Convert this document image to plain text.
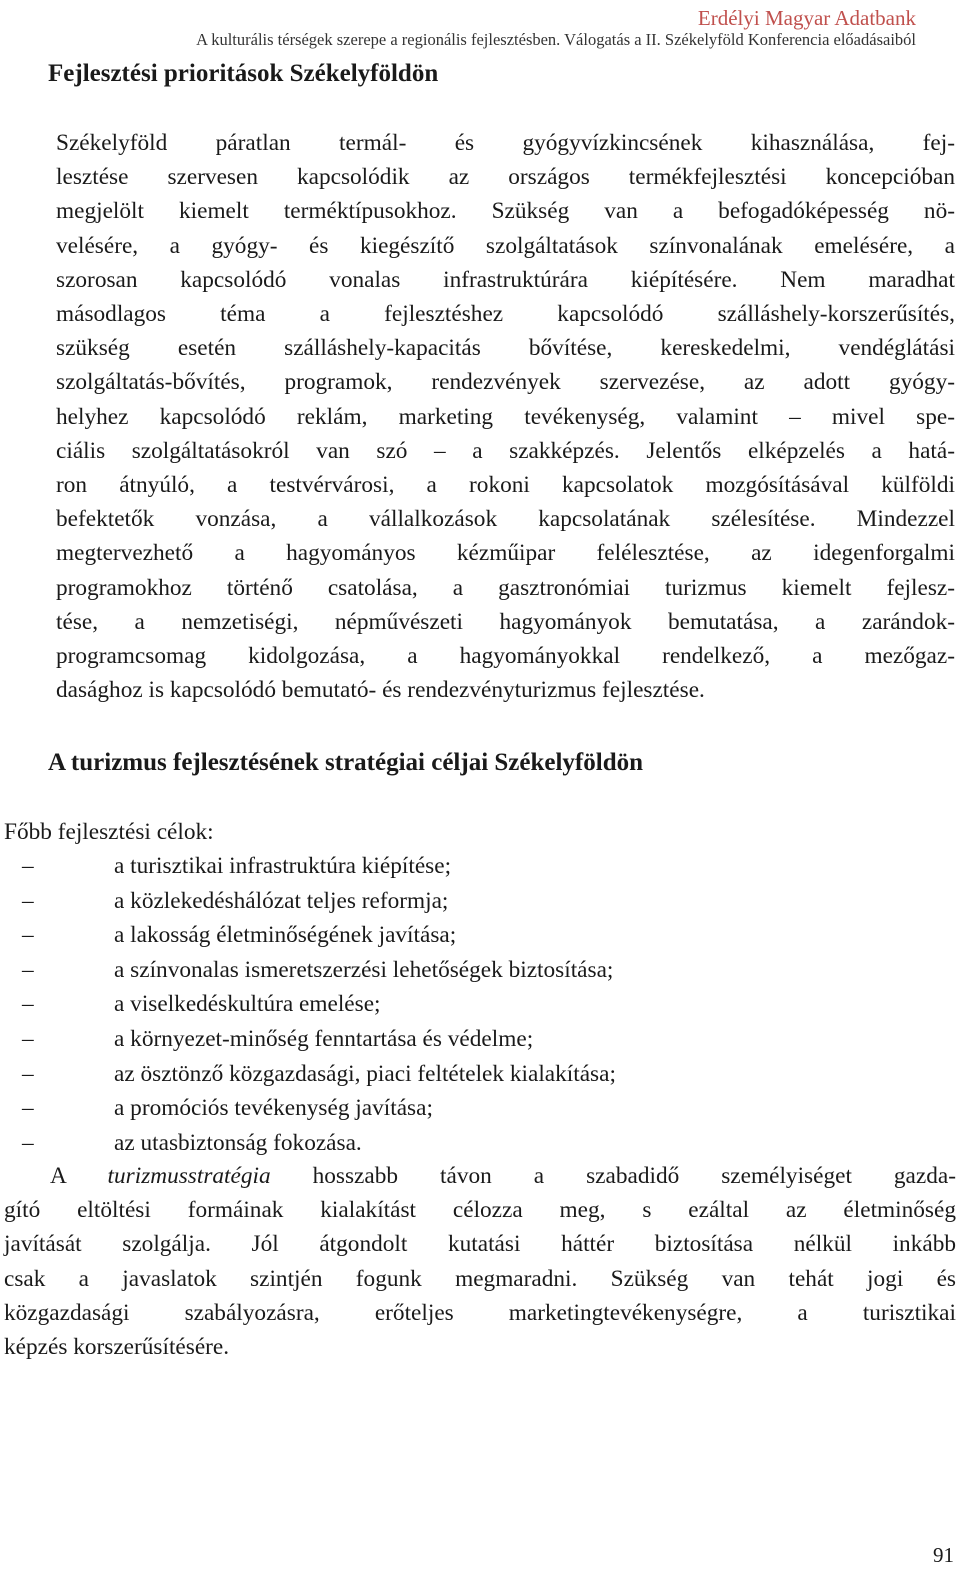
Erdélyi Magyar Adatbank
A kulturális térségek szerepe a regionális fejlesztésben. Válogatás a II. Székelyföld Konferencia előadásaiból
Fejlesztési prioritások Székelyföldön
Székelyföld páratlan termál- és gyógyvízkincsének kihasználása, fej-
lesztése szervesen kapcsolódik az országos termékfejlesztési koncepcióban
megjelölt kiemelt terméktípusokhoz. Szükség van a befogadóképesség nö-
velésére, a gyógy- és kiegészítő szolgáltatások színvonalának emelésére, a
szorosan kapcsolódó vonalas infrastruktúrára kiépítésére. Nem maradhat
másodlagos téma a fejlesztéshez kapcsolódó szálláshely-korszerűsítés,
szükség esetén szálláshely-kapacitás bővítése, kereskedelmi, vendéglátási
szolgáltatás-bővítés, programok, rendezvények szervezése, az adott gyógy-
helyhez kapcsolódó reklám, marketing tevékenység, valamint – mivel spe-
ciális szolgáltatásokról van szó – a szakképzés. Jelentős elképzelés a hatá-
ron átnyúló, a testvérvárosi, a rokoni kapcsolatok mozgósításával külföldi
befektetők vonzása, a vállalkozások kapcsolatának szélesítése. Mindezzel
megtervezhető a hagyományos kézműipar felélesztése, az idegenforgalmi
programokhoz történő csatolása, a gasztronómiai turizmus kiemelt fejlesz-
tése, a nemzetiségi, népművészeti hagyományok bemutatása, a zarándok-
programcsomag kidolgozása, a hagyományokkal rendelkező, a mezőgaz-
dasághoz is kapcsolódó bemutató- és rendezvényturizmus fejlesztése.
A turizmus fejlesztésének stratégiai céljai Székelyföldön

Főbb fejlesztési célok:

–	a turisztikai infrastruktúra kiépítése;
–	a közlekedéshálózat teljes reformja;
–	a lakosság életminőségének javítása;
–	a színvonalas ismeretszerzési lehetőségek biztosítása;
–	a viselkedéskultúra emelése;
–	a környezet-minőség fenntartása és védelme;
–	az ösztönző közgazdasági, piaci feltételek kialakítása;
–	a promóciós tevékenység javítása;
–	az utasbiztonság fokozása.
A turizmusstratégia hosszabb távon a szabadidő személyiséget gazda-
gító eltöltési formáinak kialakítást célozza meg, s ezáltal az életminőség
javítását szolgálja. Jól átgondolt kutatási háttér biztosítása nélkül inkább
csak a javaslatok szintjén fogunk megmaradni. Szükség van tehát jogi és
közgazdasági szabályozásra, erőteljes marketingtevékenységre, a turisztikai
képzés korszerűsítésére.

91
